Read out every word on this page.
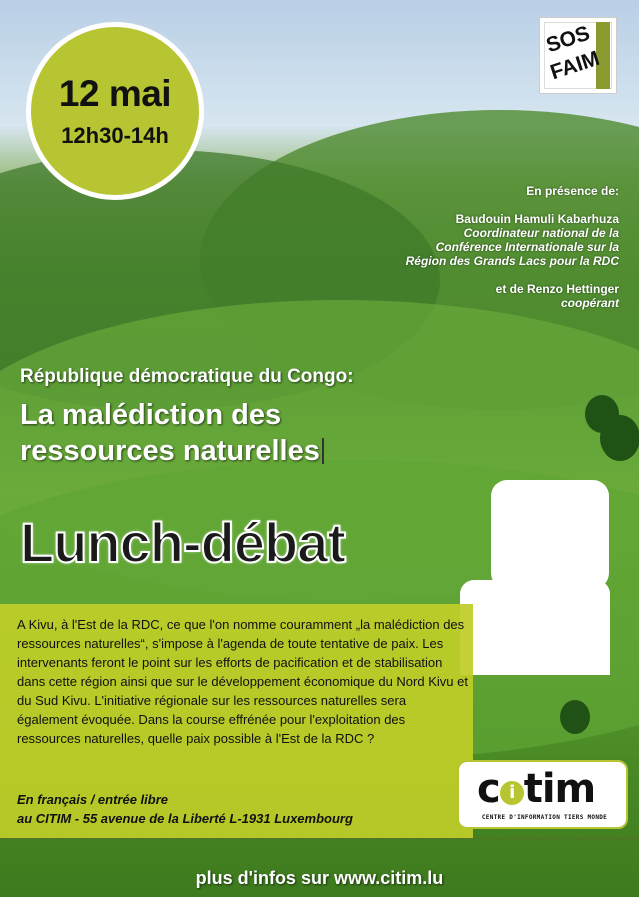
12 mai
12h30-14h
SOS
FAIM
En présence de:
Baudouin Hamuli Kabarhuza
Coordinateur national de la
Conférence Internationale sur la
Région des Grands Lacs pour la RDC
et de Renzo Hettinger
coopérant
République démocratique du Congo:
La malédiction des
ressources naturelles
Lunch-débat
A Kivu, à l'Est de la RDC, ce que l'on nomme couramment „la malédiction des ressources naturelles“, s'impose à l'agenda de toute tentative de paix. Les intervenants feront le point sur les efforts de pacification et de stabilisation dans cette région ainsi que sur le développement économique du Nord Kivu et du Sud Kivu. L'initiative régionale sur les ressources naturelles sera également évoquée. Dans la course effrénée pour l'exploitation des ressources naturelles, quelle paix possible à l'Est de la RDC ?
En français / entrée libre
au CITIM - 55 avenue de la Liberté L-1931 Luxembourg
c i tim
CENTRE D'INFORMATION TIERS MONDE
plus d'infos sur www.citim.lu
